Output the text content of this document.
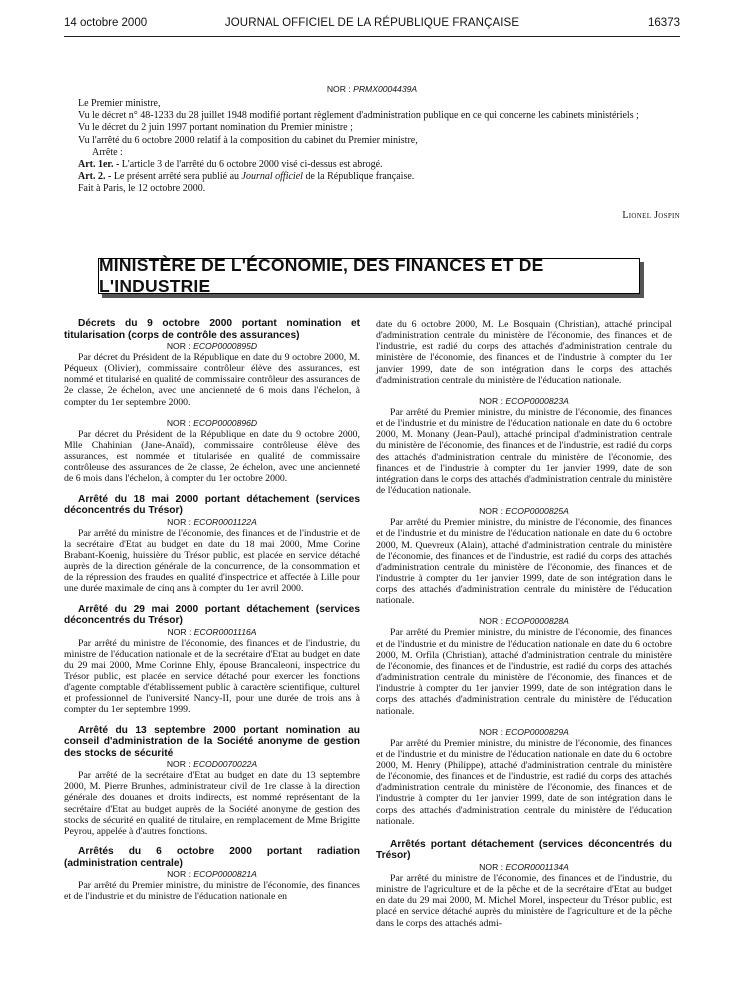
14 octobre 2000	JOURNAL OFFICIEL DE LA RÉPUBLIQUE FRANÇAISE	16373
NOR : PRMX0004439A

Le Premier ministre,

Vu le décret n° 48-1233 du 28 juillet 1948 modifié portant règlement d'administration publique en ce qui concerne les cabinets ministériels ;

Vu le décret du 2 juin 1997 portant nomination du Premier ministre ;

Vu l'arrêté du 6 octobre 2000 relatif à la composition du cabinet du Premier ministre,

Arrête :

Art. 1er. - L'article 3 de l'arrêté du 6 octobre 2000 visé ci-dessus est abrogé.

Art. 2. - Le présent arrêté sera publié au Journal officiel de la République française.

Fait à Paris, le 12 octobre 2000.

Lionel Jospin

MINISTÈRE DE L'ÉCONOMIE, DES FINANCES ET DE L'INDUSTRIE

Décrets du 9 octobre 2000 portant nomination et titularisation (corps de contrôle des assurances)

NOR : ECOP0000895D

Par décret du Président de la République en date du 9 octobre 2000, M. Péqueux (Olivier), commissaire contrôleur élève des assurances, est nommé et titularisé en qualité de commissaire contrôleur des assurances de 2e classe, 2e échelon, avec une ancienneté de 6 mois dans l'échelon, à compter du 1er septembre 2000.

NOR : ECOP0000896D

Par décret du Président de la République en date du 9 octobre 2000, Mlle Chahinian (Jane-Anaïd), commissaire contrôleuse élève des assurances, est nommée et titularisée en qualité de commissaire contrôleuse des assurances de 2e classe, 2e échelon, avec une ancienneté de 6 mois dans l'échelon, à compter du 1er octobre 2000.

Arrêté du 18 mai 2000 portant détachement (services déconcentrés du Trésor)

NOR : ECOR0001122A

Par arrêté du ministre de l'économie, des finances et de l'industrie et de la secrétaire d'Etat au budget en date du 18 mai 2000, Mme Corine Brabant-Koenig, huissière du Trésor public, est placée en service détaché auprès de la direction générale de la concurrence, de la consommation et de la répression des fraudes en qualité d'inspectrice et affectée à Lille pour une durée maximale de cinq ans à compter du 1er avril 2000.

Arrêté du 29 mai 2000 portant détachement (services déconcentrés du Trésor)

NOR : ECOR0001116A

Par arrêté du ministre de l'économie, des finances et de l'industrie, du ministre de l'éducation nationale et de la secrétaire d'Etat au budget en date du 29 mai 2000, Mme Corinne Ehly, épouse Brancaleoni, inspectrice du Trésor public, est placée en service détaché pour exercer les fonctions d'agente comptable d'établissement public à caractère scientifique, culturel et professionnel de l'université Nancy-II, pour une durée de trois ans à compter du 1er septembre 1999.

Arrêté du 13 septembre 2000 portant nomination au conseil d'administration de la Société anonyme de gestion des stocks de sécurité

NOR : ECOD0070022A

Par arrêté de la secrétaire d'Etat au budget en date du 13 septembre 2000, M. Pierre Brunhes, administrateur civil de 1re classe à la direction générale des douanes et droits indirects, est nommé représentant de la secrétaire d'Etat au budget auprès de la Société anonyme de gestion des stocks de sécurité en qualité de titulaire, en remplacement de Mme Brigitte Peyrou, appelée à d'autres fonctions.

Arrêtés du 6 octobre 2000 portant radiation (administration centrale)

NOR : ECOP0000821A

Par arrêté du Premier ministre, du ministre de l'économie, des finances et de l'industrie et du ministre de l'éducation nationale en

date du 6 octobre 2000, M. Le Bosquain (Christian), attaché principal d'administration centrale du ministère de l'économie, des finances et de l'industrie, est radié du corps des attachés d'administration centrale du ministère de l'économie, des finances et de l'industrie à compter du 1er janvier 1999, date de son intégration dans le corps des attachés d'administration centrale du ministère de l'éducation nationale.

NOR : ECOP0000823A

Par arrêté du Premier ministre, du ministre de l'économie, des finances et de l'industrie et du ministre de l'éducation nationale en date du 6 octobre 2000, M. Monany (Jean-Paul), attaché principal d'administration centrale du ministère de l'économie, des finances et de l'industrie, est radié du corps des attachés d'administration centrale du ministère de l'économie, des finances et de l'industrie à compter du 1er janvier 1999, date de son intégration dans le corps des attachés d'administration centrale du ministère de l'éducation nationale.

NOR : ECOP0000825A

Par arrêté du Premier ministre, du ministre de l'économie, des finances et de l'industrie et du ministre de l'éducation nationale en date du 6 octobre 2000, M. Quevreux (Alain), attaché d'administration centrale du ministère de l'économie, des finances et de l'industrie, est radié du corps des attachés d'administration centrale du ministère de l'économie, des finances et de l'industrie à compter du 1er janvier 1999, date de son intégration dans le corps des attachés d'administration centrale du ministère de l'éducation nationale.

NOR : ECOP0000828A

Par arrêté du Premier ministre, du ministre de l'économie, des finances et de l'industrie et du ministre de l'éducation nationale en date du 6 octobre 2000, M. Orfila (Christian), attaché d'administration centrale du ministère de l'économie, des finances et de l'industrie, est radié du corps des attachés d'administration centrale du ministère de l'économie, des finances et de l'industrie à compter du 1er janvier 1999, date de son intégration dans le corps des attachés d'administration centrale du ministère de l'éducation nationale.

NOR : ECOP0000829A

Par arrêté du Premier ministre, du ministre de l'économie, des finances et de l'industrie et du ministre de l'éducation nationale en date du 6 octobre 2000, M. Henry (Philippe), attaché d'administration centrale du ministère de l'économie, des finances et de l'industrie, est radié du corps des attachés d'administration centrale du ministère de l'économie, des finances et de l'industrie à compter du 1er janvier 1999, date de son intégration dans le corps des attachés d'administration centrale du ministère de l'éducation nationale.

Arrêtés portant détachement (services déconcentrés du Trésor)

NOR : ECOR0001134A

Par arrêté du ministre de l'économie, des finances et de l'industrie, du ministre de l'agriculture et de la pêche et de la secrétaire d'Etat au budget en date du 29 mai 2000, M. Michel Morel, inspecteur du Trésor public, est placé en service détaché auprès du ministère de l'agriculture et de la pêche dans le corps des attachés admi-
